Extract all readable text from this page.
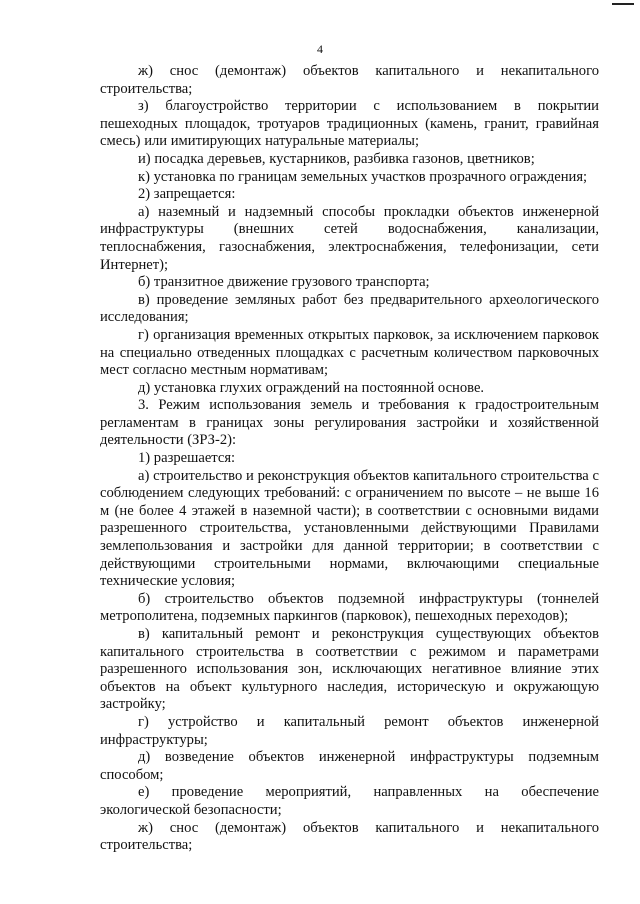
4

ж) снос (демонтаж) объектов капитального и некапитального строительства;

з) благоустройство территории с использованием в покрытии пешеходных площадок, тротуаров традиционных (камень, гранит, гравийная смесь) или имитирующих натуральные материалы;

и) посадка деревьев, кустарников, разбивка газонов, цветников;

к) установка по границам земельных участков прозрачного ограждения;

2) запрещается:

а) наземный и надземный способы прокладки объектов инженерной инфраструктуры (внешних сетей водоснабжения, канализации, теплоснабжения, газоснабжения, электроснабжения, телефонизации, сети Интернет);

б) транзитное движение грузового транспорта;

в) проведение земляных работ без предварительного археологического исследования;

г) организация временных открытых парковок, за исключением парковок на специально отведенных площадках с расчетным количеством парковочных мест согласно местным нормативам;

д) установка глухих ограждений на постоянной основе.

3. Режим использования земель и требования к градостроительным регламентам в границах зоны регулирования застройки и хозяйственной деятельности (ЗРЗ-2):

1) разрешается:

а) строительство и реконструкция объектов капитального строительства с соблюдением следующих требований: с ограничением по высоте – не выше 16 м (не более 4 этажей в наземной части); в соответствии с основными видами разрешенного строительства, установленными действующими Правилами землепользования и застройки для данной территории; в соответствии с действующими строительными нормами, включающими специальные технические условия;

б) строительство объектов подземной инфраструктуры (тоннелей метрополитена, подземных паркингов (парковок), пешеходных переходов);

в) капитальный ремонт и реконструкция существующих объектов капитального строительства в соответствии с режимом и параметрами разрешенного использования зон, исключающих негативное влияние этих объектов на объект культурного наследия, историческую и окружающую застройку;

г) устройство и капитальный ремонт объектов инженерной инфраструктуры;

д) возведение объектов инженерной инфраструктуры подземным способом;

е) проведение мероприятий, направленных на обеспечение экологической безопасности;

ж) снос (демонтаж) объектов капитального и некапитального строительства;
